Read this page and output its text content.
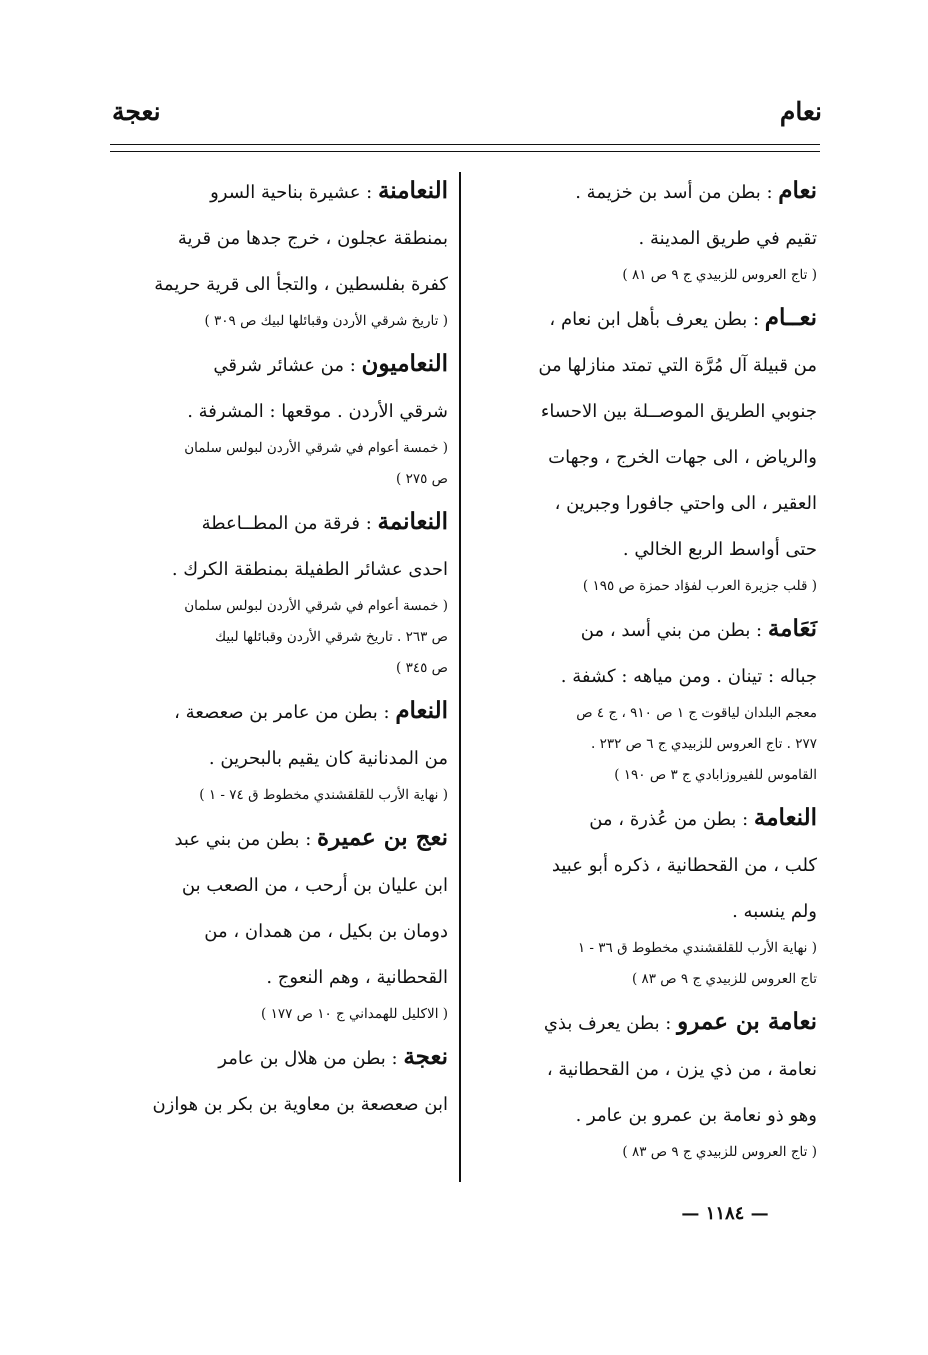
نعام
نعجة
نعام : بطن من أسد بن خزيمة .
تقيم في طريق المدينة .
( تاج العروس للزبيدي ج ٩ ص ٨١ )
نعــام : بطن يعرف بأهل ابن نعام ،
من قبيلة آل مُرَّة التي تمتد منازلها من
جنوبي الطريق الموصــلة بين الاحساء
والرياض ، الى جهات الخرج ، وجهات
العقير ، الى واحتي جافورا وجبرين ،
حتى أواسط الربع الخالي .
( قلب جزيرة العرب لفؤاد حمزة ص ١٩٥ )
نَعَامة : بطن من بني أسد ، من
جباله : تينان . ومن مياهه : كشفة .
معجم البلدان لياقوت ج ١ ص ٩١٠ ، ج ٤ ص
٢٧٧ . تاج العروس للزبيدي ج ٦ ص ٢٣٢ .
القاموس للفيروزابادي ج ٣ ص ١٩٠ )
النعامة : بطن من عُذرة ، من
كلب ، من القحطانية ، ذكره أبو عبيد
ولم ينسبه .
( نهاية الأرب للقلقشندي مخطوط ق ٣٦ - ١
تاج العروس للزبيدي ج ٩ ص ٨٣ )
نعامة بن عمرو : بطن يعرف بذي
نعامة ، من ذي يزن ، من القحطانية ،
وهو ذو نعامة بن عمرو بن عامر .
( تاج العروس للزبيدي ج ٩ ص ٨٣ )
النعامنة : عشيرة بناحية السرو
بمنطقة عجلون ، خرج جدها من قرية
كفرة بفلسطين ، والتجأ الى قرية حريمة
( تاريخ شرقي الأردن وقبائلها لبيك ص ٣٠٩ )
النعاميون : من عشائر شرقي
شرقي الأردن . موقعها : المشرفة .
( خمسة أعوام في شرقي الأردن لبولس سلمان
ص ٢٧٥ )
النعانمة : فرقة من المطــاعطة
احدى عشائر الطفيلة بمنطقة الكرك .
( خمسة أعوام في شرقي الأردن لبولس سلمان
ص ٢٦٣ . تاريخ شرقي الأردن وقبائلها لبيك
ص ٣٤٥ )
النعام : بطن من عامر بن صعصعة ،
من المدنانية كان يقيم بالبحرين .
( نهاية الأرب للقلقشندي مخطوط ق ٧٤ - ١ )
نعج بن عميرة : بطن من بني عبد
ابن عليان بن أرحب ، من الصعب بن
دومان بن بكيل ، من همدان ، من
القحطانية ، وهم النعوج .
( الاكليل للهمداني ج ١٠ ص ١٧٧ )
نعجة : بطن من هلال بن عامر
ابن صعصعة بن معاوية بن بكر بن هوازن
— ١١٨٤ —
